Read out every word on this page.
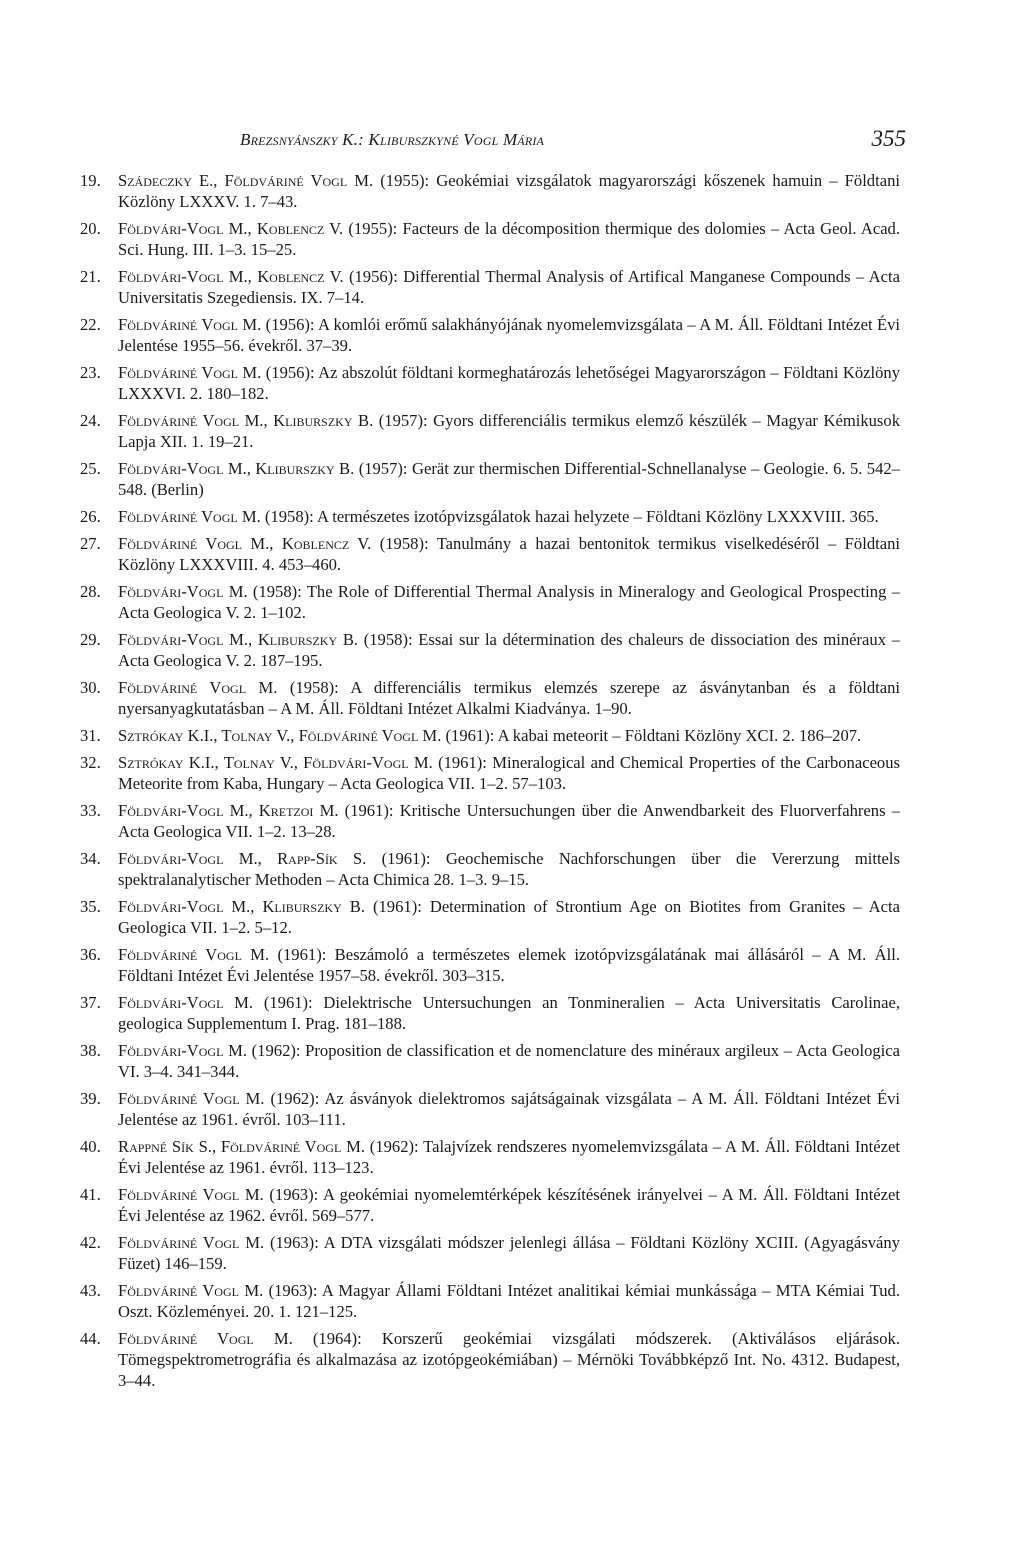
Brezsnyánszky K.: Kliburszkyné Vogl Mária	355
19.	Szádeczky E., Földváriné Vogl M. (1955): Geokémiai vizsgálatok magyarországi kőszenek hamuin – Földtani Közlöny LXXXV. 1. 7–43.
20.	Földvári-Vogl M., Koblencz V. (1955): Facteurs de la décomposition thermique des dolomies – Acta Geol. Acad. Sci. Hung. III. 1–3. 15–25.
21.	Földvári-Vogl M., Koblencz V. (1956): Differential Thermal Analysis of Artifical Manganese Compounds – Acta Universitatis Szegediensis. IX. 7–14.
22.	Földváriné Vogl M. (1956): A komlói erőmű salakhányójának nyomelemvizsgálata – A M. Áll. Földtani Intézet Évi Jelentése 1955–56. évekről. 37–39.
23.	Földváriné Vogl M. (1956): Az abszolút földtani kormeghatározás lehetőségei Magyarországon – Földtani Közlöny LXXXVI. 2. 180–182.
24.	Földváriné Vogl M., Kliburszky B. (1957): Gyors differenciális termikus elemző készülék – Magyar Kémikusok Lapja XII. 1. 19–21.
25.	Földvári-Vogl M., Kliburszky B. (1957): Gerät zur thermischen Differential-Schnellanalyse – Geologie. 6. 5. 542–548. (Berlin)
26.	Földváriné Vogl M. (1958): A természetes izotópvizsgálatok hazai helyzete – Földtani Közlöny LXXXVIII. 365.
27.	Földváriné Vogl M., Koblencz V. (1958): Tanulmány a hazai bentonitok termikus viselkedéséről – Földtani Közlöny LXXXVIII. 4. 453–460.
28.	Földvári-Vogl M. (1958): The Role of Differential Thermal Analysis in Mineralogy and Geological Prospecting – Acta Geologica V. 2. 1–102.
29.	Földvári-Vogl M., Kliburszky B. (1958): Essai sur la détermination des chaleurs de dissociation des minéraux – Acta Geologica V. 2. 187–195.
30.	Földváriné Vogl M. (1958): A differenciális termikus elemzés szerepe az ásványtanban és a földtani nyersanyagkutatásban – A M. Áll. Földtani Intézet Alkalmi Kiadványa. 1–90.
31.	Sztrókay K.I., Tolnay V., Földváriné Vogl M. (1961): A kabai meteorit – Földtani Közlöny XCI. 2. 186–207.
32.	Sztrókay K.I., Tolnay V., Földvári-Vogl M. (1961): Mineralogical and Chemical Properties of the Carbonaceous Meteorite from Kaba, Hungary – Acta Geologica VII. 1–2. 57–103.
33.	Földvári-Vogl M., Kretzoi M. (1961): Kritische Untersuchungen über die Anwendbarkeit des Fluorverfahrens – Acta Geologica VII. 1–2. 13–28.
34.	Földvári-Vogl M., Rapp-Sík S. (1961): Geochemische Nachforschungen über die Vererzung mittels spektralanalytischer Methoden – Acta Chimica 28. 1–3. 9–15.
35.	Földvári-Vogl M., Kliburszky B. (1961): Determination of Strontium Age on Biotites from Granites – Acta Geologica VII. 1–2. 5–12.
36.	Földváriné Vogl M. (1961): Beszámoló a természetes elemek izotópvizsgálatának mai állásáról – A M. Áll. Földtani Intézet Évi Jelentése 1957–58. évekről. 303–315.
37.	Földvári-Vogl M. (1961): Dielektrische Untersuchungen an Tonmineralien – Acta Universitatis Carolinae, geologica Supplementum I. Prag. 181–188.
38.	Földvári-Vogl M. (1962): Proposition de classification et de nomenclature des minéraux argileux – Acta Geologica VI. 3–4. 341–344.
39.	Földváriné Vogl M. (1962): Az ásványok dielektromos sajátságainak vizsgálata – A M. Áll. Földtani Intézet Évi Jelentése az 1961. évről. 103–111.
40.	Rappné Sík S., Földváriné Vogl M. (1962): Talajvízek rendszeres nyomelemvizsgálata – A M. Áll. Földtani Intézet Évi Jelentése az 1961. évről. 113–123.
41.	Földváriné Vogl M. (1963): A geokémiai nyomelemtérképek készítésének irányelvei – A M. Áll. Földtani Intézet Évi Jelentése az 1962. évről. 569–577.
42.	Földváriné Vogl M. (1963): A DTA vizsgálati módszer jelenlegi állása – Földtani Közlöny XCIII. (Agyagásvány Füzet) 146–159.
43.	Földváriné Vogl M. (1963): A Magyar Állami Földtani Intézet analitikai kémiai munkássága – MTA Kémiai Tud. Oszt. Közleményei. 20. 1. 121–125.
44.	Földváriné Vogl M. (1964): Korszerű geokémiai vizsgálati módszerek. (Aktiválásos eljárások. Tömegspektrometrográfia és alkalmazása az izotópgeokémiában) – Mérnöki Továbbképző Int. No. 4312. Budapest, 3–44.
